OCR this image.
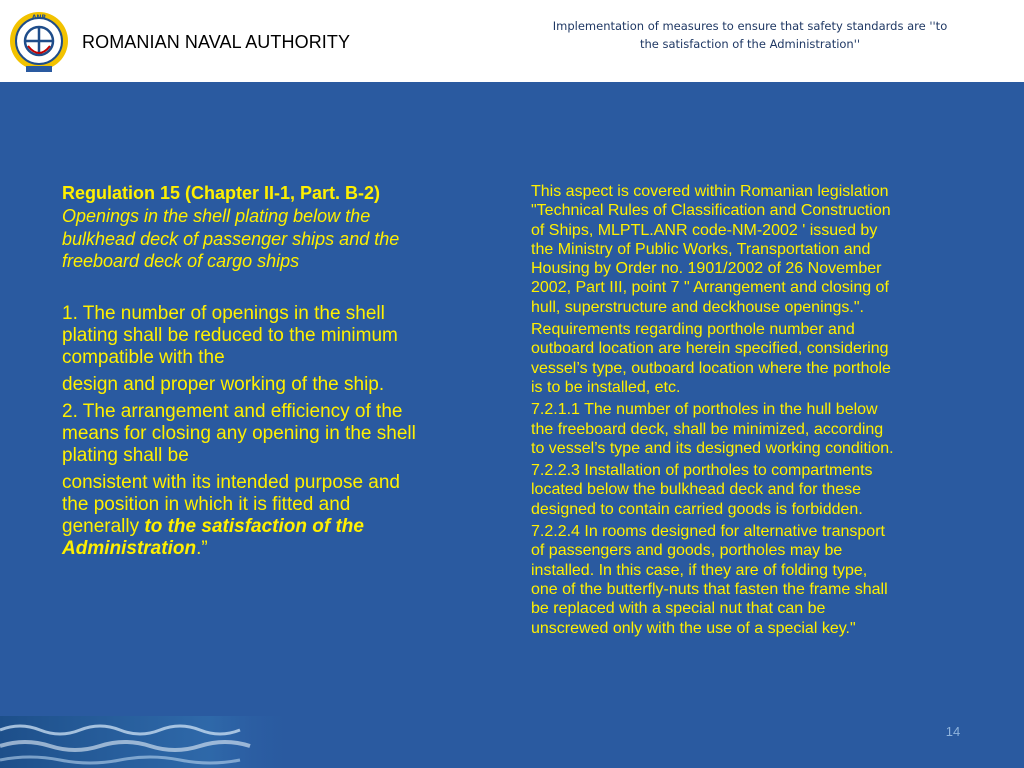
ANR
ROMANIAN NAVAL AUTHORITY
Implementation of measures to ensure that safety standards are ''to
the satisfaction of the Administration''

Regulation 15 (Chapter II-1, Part. B-2)

Openings in the shell plating below the
bulkhead deck of passenger ships and the
freeboard deck of cargo ships

1. The number of openings in the shell
plating shall be reduced to the minimum
compatible with the

design and proper working of the ship.

2. The arrangement and efficiency of the
means for closing any opening in the shell
plating shall be

consistent with its intended purpose and
the position in which it is fitted and
generally to the satisfaction of the
Administration.”

This aspect is covered within Romanian legislation
"Technical Rules of Classification and Construction
of Ships, MLPTL.ANR code-NM-2002 ' issued by
the Ministry of Public Works, Transportation and
Housing by Order no. 1901/2002 of 26 November
2002, Part III, point 7 " Arrangement and closing of
hull, superstructure and deckhouse openings.".

Requirements regarding porthole number and
outboard location are herein specified, considering
vessel’s type, outboard location where the porthole
is to be installed, etc.

7.2.1.1 The number of portholes in the hull below
the freeboard deck, shall be minimized, according
to vessel’s type and its designed working condition.

7.2.2.3 Installation of portholes to compartments
located below the bulkhead deck and for these
designed to contain carried goods is forbidden.

7.2.2.4 In rooms designed for alternative transport
of passengers and goods, portholes may be
installed. In this case, if they are of folding type,
one of the butterfly-nuts that fasten the frame shall
be replaced with a special nut that can be
unscrewed only with the use of a special key."

14
